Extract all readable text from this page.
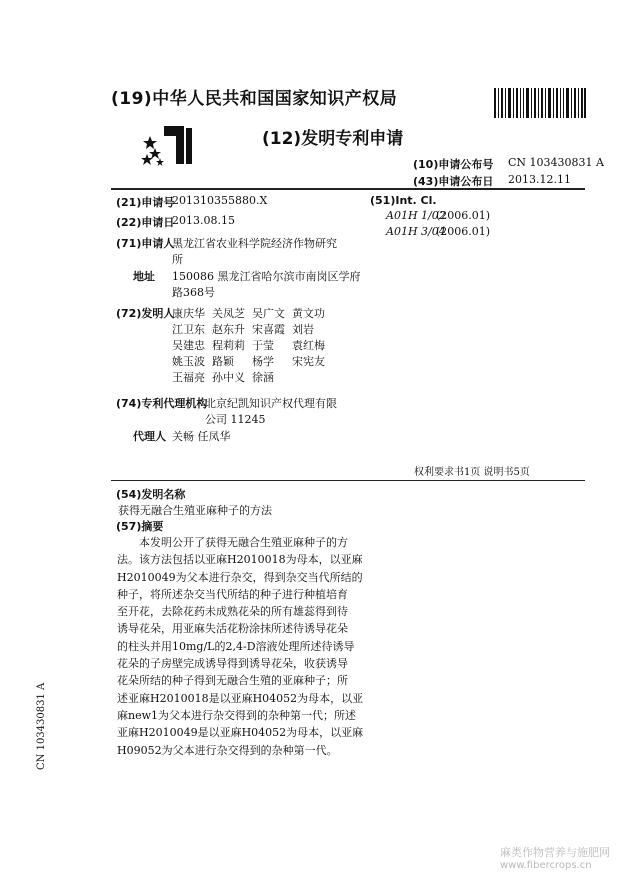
(19)中华人民共和国国家知识产权局
(12)发明专利申请
(10)申请公布号 CN 103430831 A
(43)申请公布日 2013.12.11
(21)申请号
201310355880.X
(22)申请日
2013.08.15
(71)申请人
黑龙江省农业科学院经济作物研究
所
地址 150086 黑龙江省哈尔滨市南岗区学府
路368号
(72)发明人
康庆华 关凤芝 吴广文 黄文功
江卫东 赵东升 宋喜霞 刘岩
吴建忠 程莉莉 于莹 袁红梅
姚玉波 路颖 杨学 宋宪友
王福亮 孙中义 徐涵
(74)专利代理机构
北京纪凯知识产权代理有限
公司 11245
代理人 关畅 任凤华
(51)Int. Cl.
A01H 1/02
(2006.01)
A01H 3/04
(2006.01)
权利要求书1页 说明书5页
(54)发明名称
获得无融合生殖亚麻种子的方法
(57)摘要

本发明公开了获得无融合生殖亚麻种子的方

法。该方法包括以亚麻H2010018为母本，以亚麻

H2010049为父本进行杂交，得到杂交当代所结的

种子，将所述杂交当代所结的种子进行种植培育

至开花，去除花药未成熟花朵的所有雄蕊得到待

诱导花朵，用亚麻失活花粉涂抹所述待诱导花朵

的柱头并用10mg/L的2,4-D溶液处理所述待诱导

花朵的子房壁完成诱导得到诱导花朵，收获诱导

花朵所结的种子得到无融合生殖的亚麻种子；所

述亚麻H2010018是以亚麻H04052为母本，以亚

麻new1为父本进行杂交得到的杂种第一代；所述

亚麻H2010049是以亚麻H04052为母本，以亚麻

H09052为父本进行杂交得到的杂种第一代。

CN 103430831 A
麻类作物营养与施肥网
www.fibercrops.cn
